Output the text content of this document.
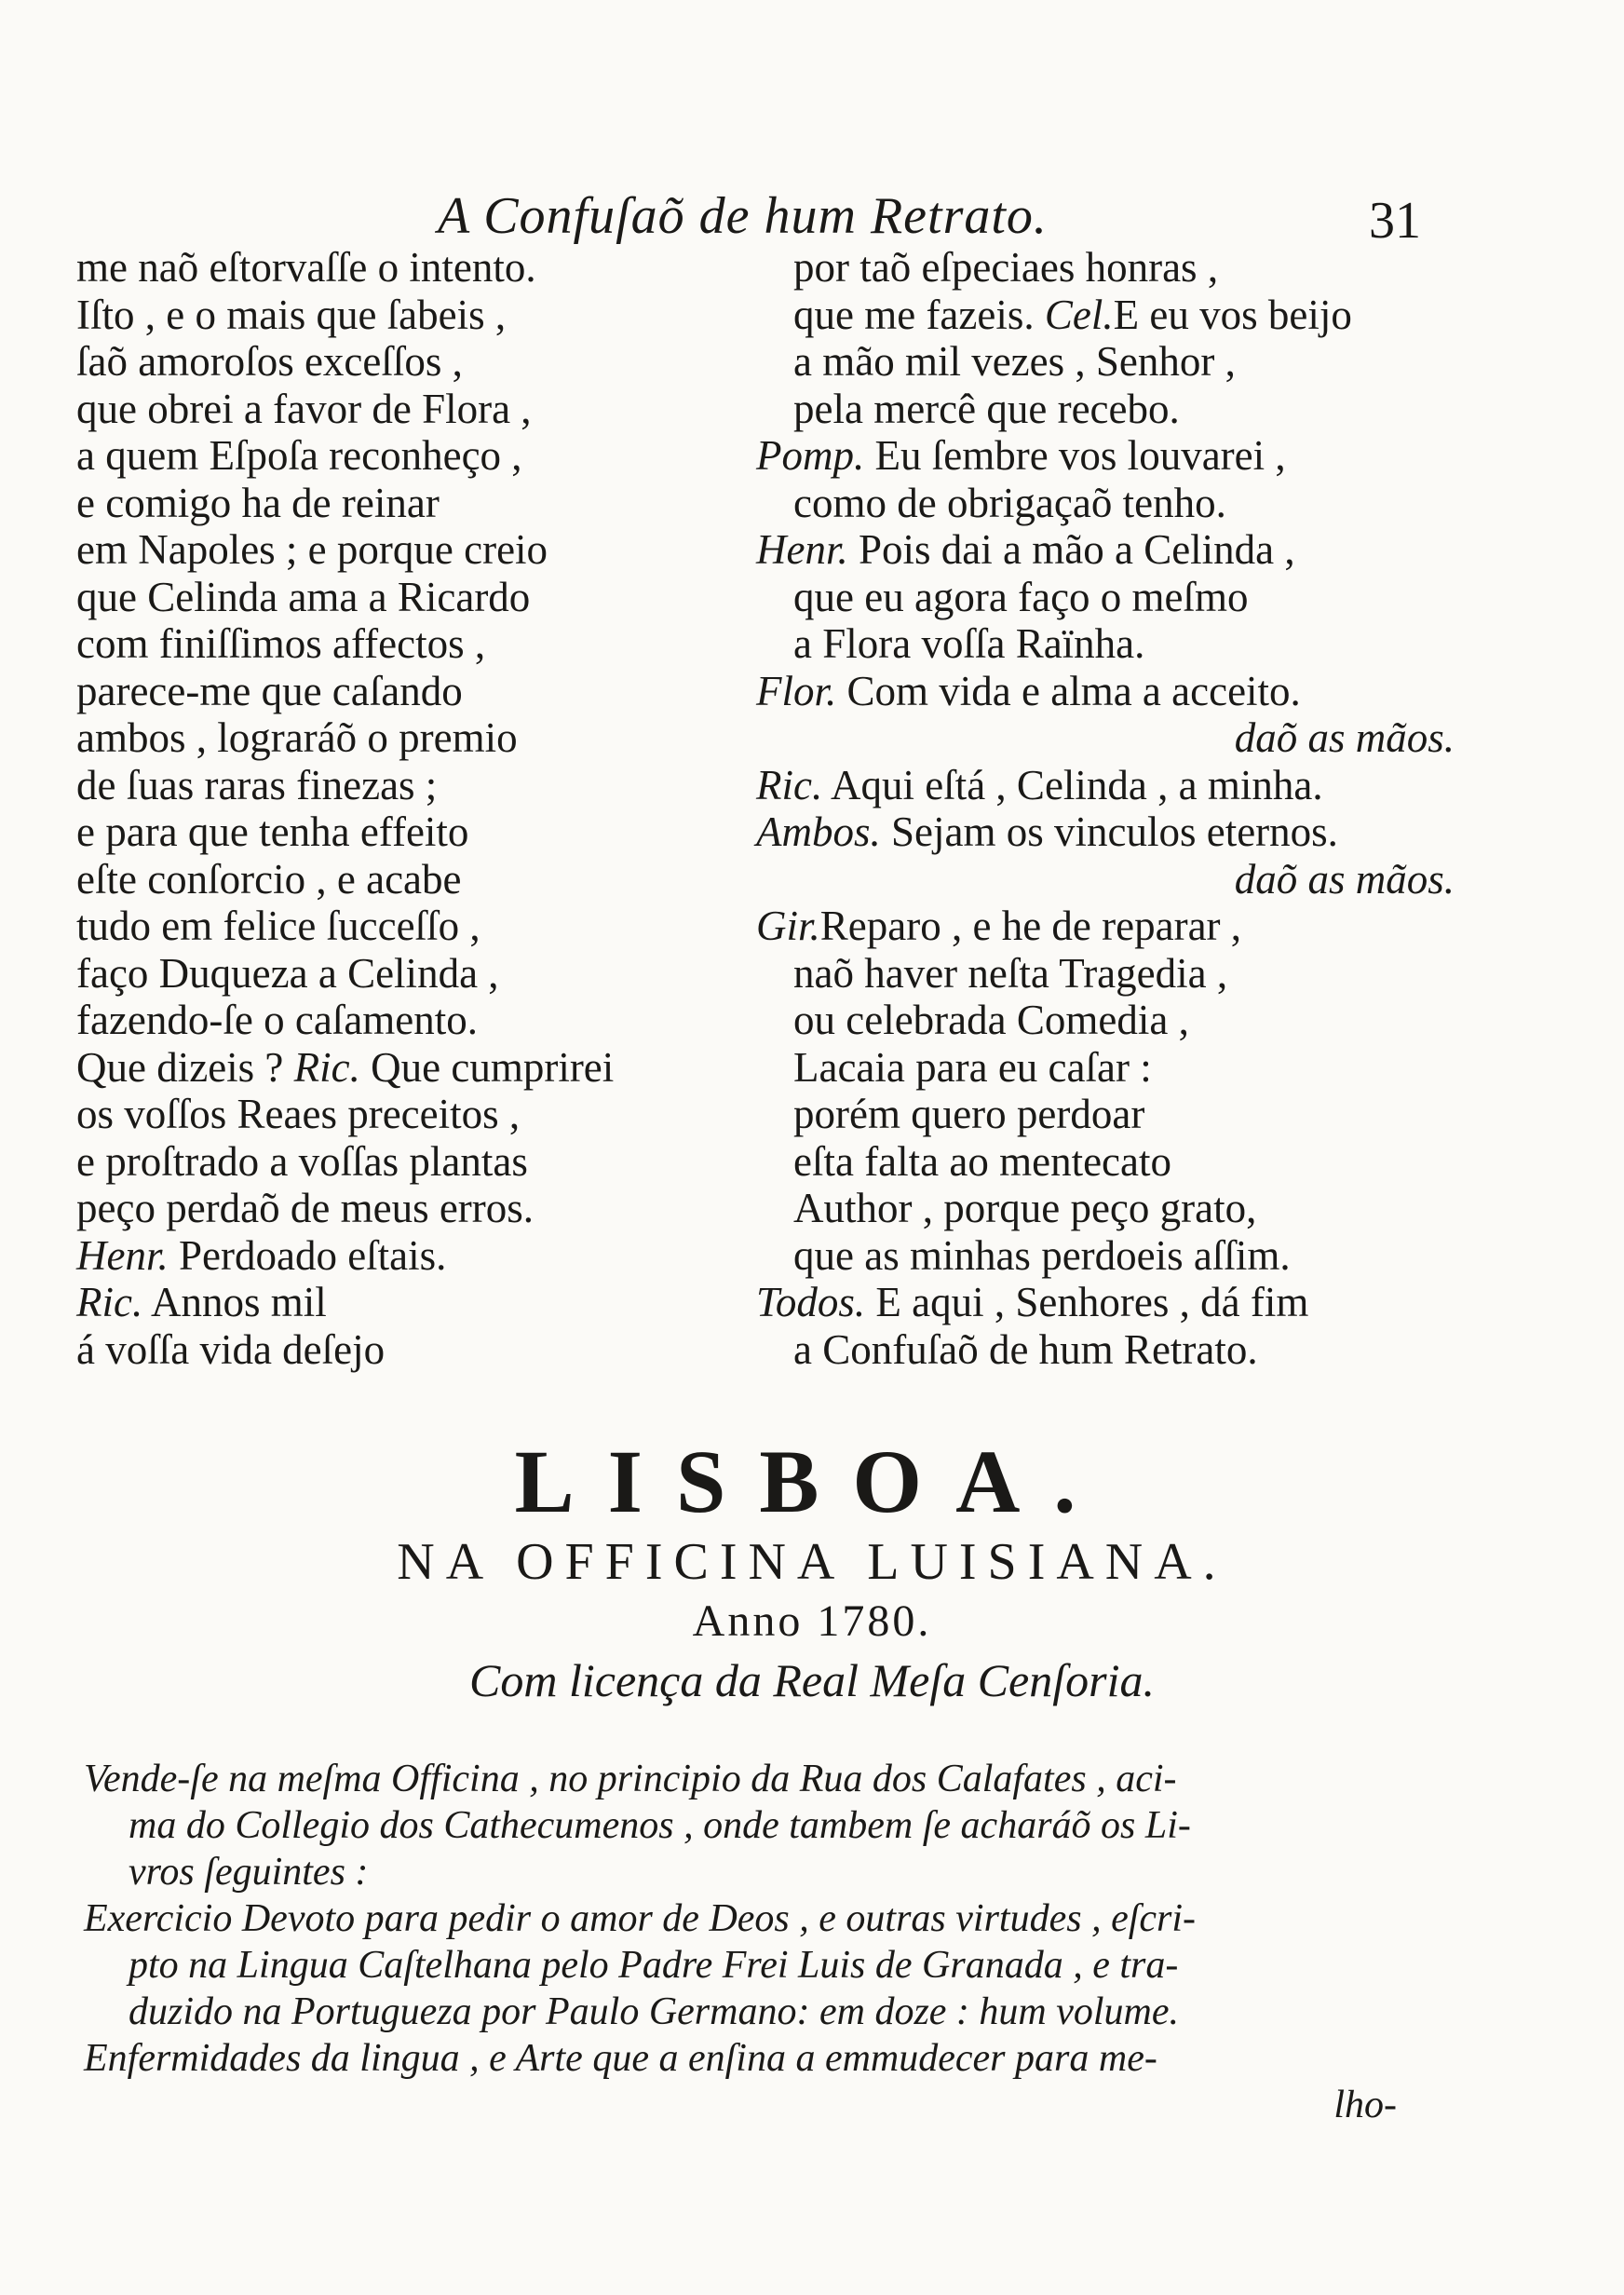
A Confuſaõ de hum Retrato.	31
me naõ eſtorvaſſe o intento.
Iſto , e o mais que ſabeis ,
ſaõ amoroſos exceſſos ,
que obrei a favor de Flora ,
a quem Eſpoſa reconheço ,
e comigo ha de reinar
em Napoles ; e porque creio
que Celinda ama a Ricardo
com finiſſimos affectos ,
parece-me que caſando
ambos , lograráõ o premio
de ſuas raras finezas ;
e para que tenha effeito
eſte conſorcio , e acabe
tudo em felice ſucceſſo ,
faço Duqueza a Celinda ,
fazendo-ſe o caſamento.
Que dizeis ? Ric. Que cumprirei
os voſſos Reaes preceitos ,
e proſtrado a voſſas plantas
peço perdaõ de meus erros.
Henr. Perdoado eſtais.
Ric. Annos mil
á voſſa vida deſejo
por taõ eſpeciaes honras ,
que me fazeis. Cel.E eu vos beijo
a mão mil vezes , Senhor ,
pela mercê que recebo.
Pomp. Eu ſembre vos louvarei ,
como de obrigaçaõ tenho.
Henr. Pois dai a mão a Celinda ,
que eu agora faço o meſmo
a Flora voſſa Raïnha.
Flor. Com vida e alma a acceito.
daõ as mãos.
Ric. Aqui eſtá , Celinda , a minha.
Ambos. Sejam os vinculos eternos.
daõ as mãos.
Gir.Reparo , e he de reparar ,
naõ haver neſta Tragedia ,
ou celebrada Comedia ,
Lacaia para eu caſar :
porém quero perdoar
eſta falta ao mentecato
Author , porque peço grato,
que as minhas perdoeis aſſim.
Todos. E aqui , Senhores , dá fim
a Confuſaõ de hum Retrato.
LISBOA.
NA OFFICINA LUISIANA.
Anno 1780.
Com licença da Real Meſa Cenſoria.
Vende-ſe na meſma Officina , no principio da Rua dos Calafates , aci-
ma do Collegio dos Cathecumenos , onde tambem ſe acharáõ os Li-
vros ſeguintes :
Exercicio Devoto para pedir o amor de Deos , e outras virtudes , eſcri-
pto na Lingua Caſtelhana pelo Padre Frei Luis de Granada , e tra-
duzido na Portugueza por Paulo Germano: em doze : hum volume.
Enfermidades da lingua , e Arte que a enſina a emmudecer para me-
lho-
